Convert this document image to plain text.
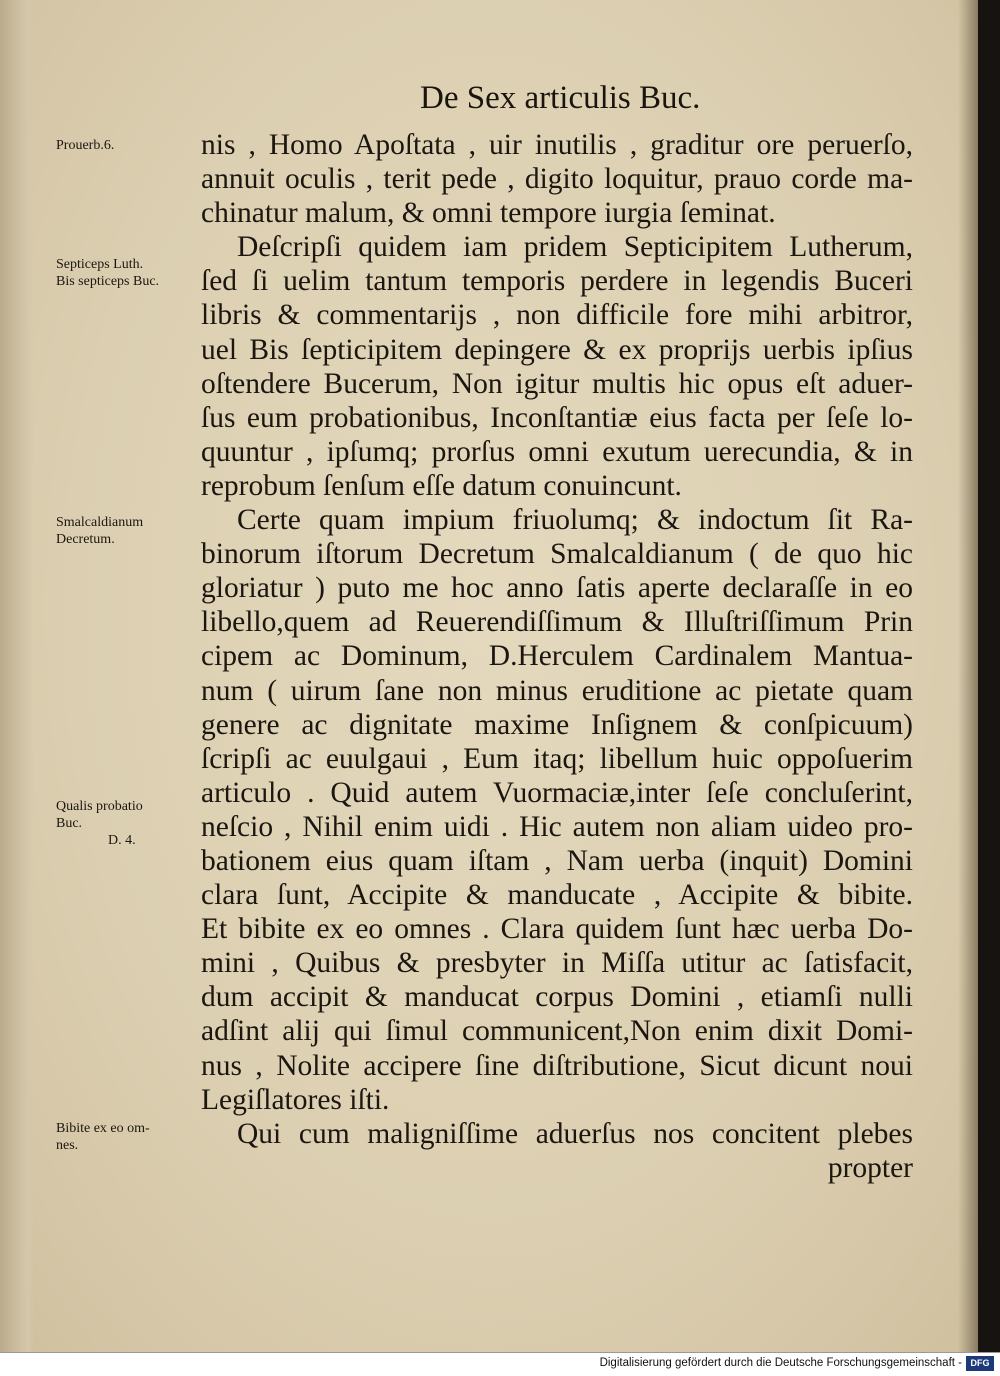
De Sex articulis Buc.
Prouerb.6.
Septiceps Luth.
Bis septiceps Buc.
Smalcaldianum
Decretum.
Qualis probatio
Buc.
D. 4.
Bibite ex eo om-
nes.
nis , Homo Apoſtata , uir inutilis , graditur ore peruerſo,
annuit oculis , terit pede , digito loquitur, prauo corde ma-
chinatur malum, & omni tempore iurgia ſeminat.
Deſcripſi quidem iam pridem Septicipitem Lutherum,
ſed ſi uelim tantum temporis perdere in legendis Buceri
libris & commentarijs , non difficile fore mihi arbitror,
uel Bis ſepticipitem depingere & ex proprijs uerbis ipſius
oſtendere Bucerum, Non igitur multis hic opus eſt aduer-
ſus eum probationibus, Inconſtantiæ eius facta per ſeſe lo-
quuntur , ipſumq; prorſus omni exutum uerecundia, & in
reprobum ſenſum eſſe datum conuincunt.
Certe quam impium friuolumq; & indoctum ſit Ra-
binorum iſtorum Decretum Smalcaldianum ( de quo hic
gloriatur ) puto me hoc anno ſatis aperte declaraſſe in eo
libello,quem ad Reuerendiſſimum & Illuſtriſſimum Prin
cipem ac Dominum, D.Herculem Cardinalem Mantua-
num ( uirum ſane non minus eruditione ac pietate quam
genere ac dignitate maxime Inſignem & conſpicuum)
ſcripſi ac euulgaui , Eum itaq; libellum huic oppoſuerim
articulo . Quid autem Vuormaciæ,inter ſeſe concluſerint,
neſcio , Nihil enim uidi . Hic autem non aliam uideo pro-
bationem eius quam iſtam , Nam uerba (inquit) Domini
clara ſunt, Accipite & manducate , Accipite & bibite.
Et bibite ex eo omnes . Clara quidem ſunt hæc uerba Do-
mini , Quibus & presbyter in Miſſa utitur ac ſatisfacit,
dum accipit & manducat corpus Domini , etiamſi nulli
adſint alij qui ſimul communicent,Non enim dixit Domi-
nus , Nolite accipere ſine diſtributione, Sicut dicunt noui
Legiſlatores iſti.
Qui cum maligniſſime aduerſus nos concitent plebes
propter
Digitalisierung gefördert durch die Deutsche Forschungsgemeinschaft - DFG
